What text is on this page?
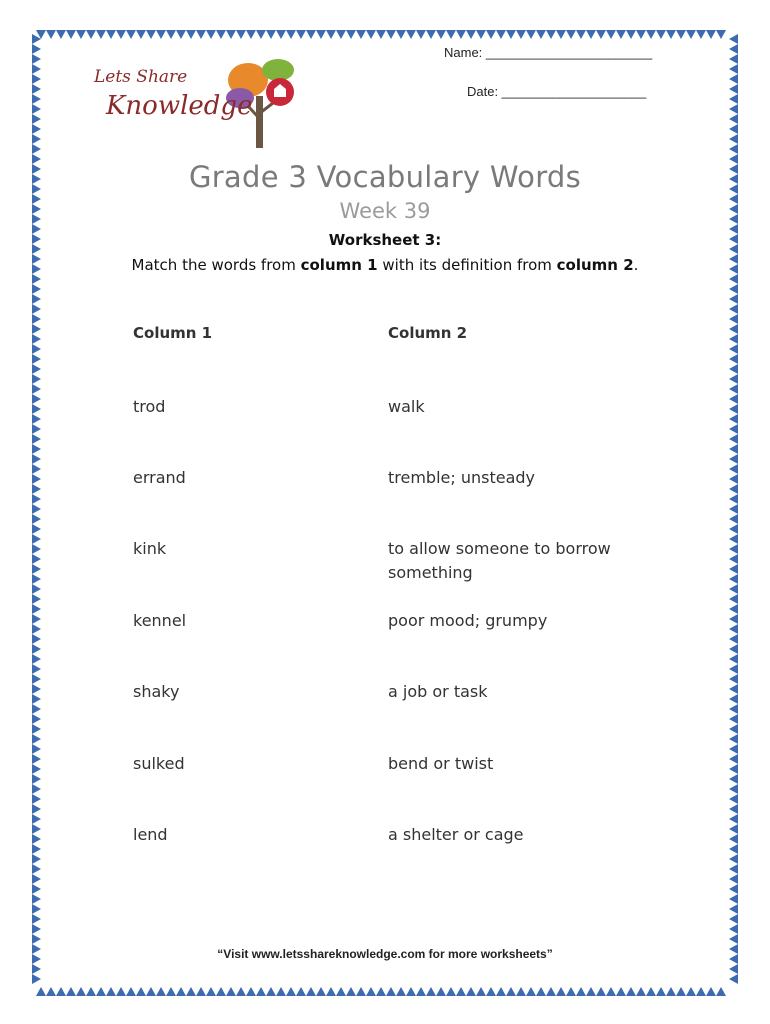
Name: _______________________
Date: ____________________
Lets Share
Knowledge
Grade 3 Vocabulary Words
Week 39
Worksheet 3:
Match the words from column 1 with its definition from column 2.
Column 1	Column 2
trod	walk
errand	tremble; unsteady
kink	to allow someone to borrow something
kennel	poor mood; grumpy
shaky	a job or task
sulked	bend or twist
lend	a shelter or cage
“Visit www.letsshareknowledge.com for more worksheets”
